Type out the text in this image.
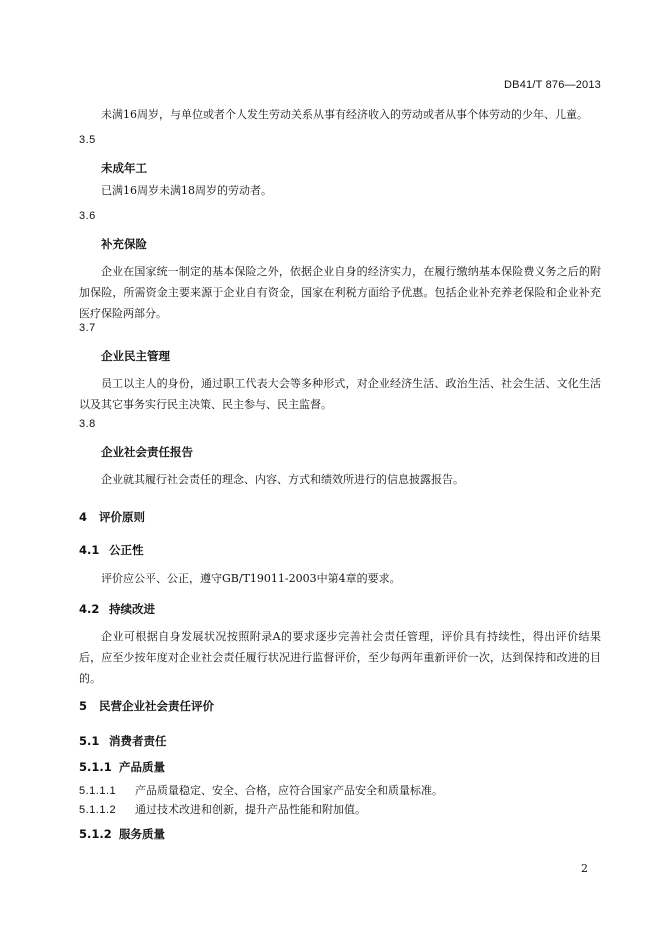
DB41/T 876—2013
未满16周岁，与单位或者个人发生劳动关系从事有经济收入的劳动或者从事个体劳动的少年、儿童。
3.5
未成年工
已满16周岁未满18周岁的劳动者。
3.6
补充保险
企业在国家统一制定的基本保险之外，依据企业自身的经济实力，在履行缴纳基本保险费义务之后的附加保险，所需资金主要来源于企业自有资金，国家在利税方面给予优惠。包括企业补充养老保险和企业补充医疗保险两部分。
3.7
企业民主管理
员工以主人的身份，通过职工代表大会等多种形式，对企业经济生活、政治生活、社会生活、文化生活以及其它事务实行民主决策、民主参与、民主监督。
3.8
企业社会责任报告
企业就其履行社会责任的理念、内容、方式和绩效所进行的信息披露报告。
4 评价原则
4.1 公正性
评价应公平、公正，遵守GB/T19011-2003中第4章的要求。
4.2 持续改进
企业可根据自身发展状况按照附录A的要求逐步完善社会责任管理，评价具有持续性，得出评价结果后，应至少按年度对企业社会责任履行状况进行监督评价，至少每两年重新评价一次，达到保持和改进的目的。
5 民营企业社会责任评价
5.1 消费者责任
5.1.1 产品质量
5.1.1.1 产品质量稳定、安全、合格，应符合国家产品安全和质量标准。
5.1.1.2 通过技术改进和创新，提升产品性能和附加值。
5.1.2 服务质量
2
